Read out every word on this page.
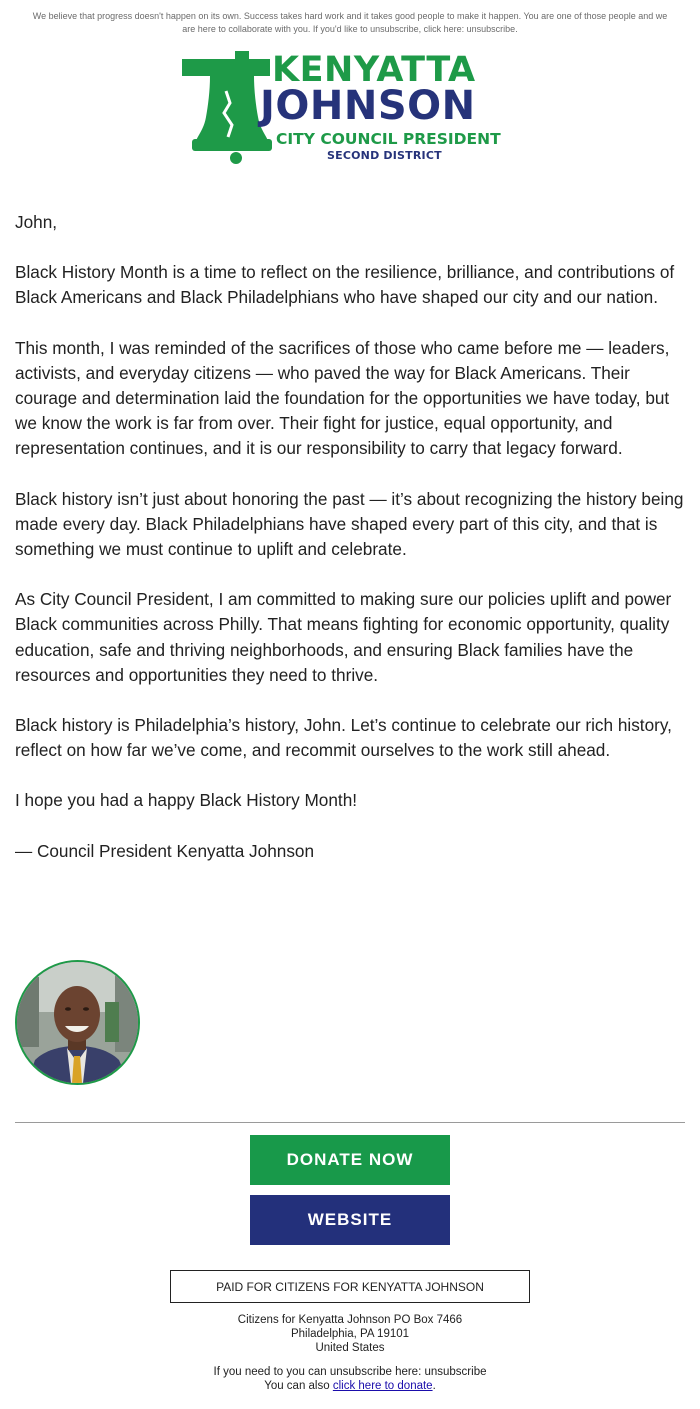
We believe that progress doesn't happen on its own. Success takes hard work and it takes good people to make it happen. You are one of those people and we are here to collaborate with you. If you'd like to unsubscribe, click here: unsubscribe.
KENYATTA
JOHNSON
CITY COUNCIL PRESIDENT
SECOND DISTRICT

John,

Black History Month is a time to reflect on the resilience, brilliance, and contributions of Black Americans and Black Philadelphians who have shaped our city and our nation.

This month, I was reminded of the sacrifices of those who came before me — leaders, activists, and everyday citizens — who paved the way for Black Americans. Their courage and determination laid the foundation for the opportunities we have today, but we know the work is far from over. Their fight for justice, equal opportunity, and representation continues, and it is our responsibility to carry that legacy forward.

Black history isn’t just about honoring the past — it’s about recognizing the history being made every day. Black Philadelphians have shaped every part of this city, and that is something we must continue to uplift and celebrate.

As City Council President, I am committed to making sure our policies uplift and power Black communities across Philly. That means fighting for economic opportunity, quality education, safe and thriving neighborhoods, and ensuring Black families have the resources and opportunities they need to thrive.

Black history is Philadelphia’s history, John. Let’s continue to celebrate our rich history, reflect on how far we’ve come, and recommit ourselves to the work still ahead.

I hope you had a happy Black History Month!

— Council President Kenyatta Johnson

DONATE NOW
WEBSITE
PAID FOR CITIZENS FOR KENYATTA JOHNSON
Citizens for Kenyatta Johnson PO Box 7466
Philadelphia, PA 19101
United States
If you need to you can unsubscribe here: unsubscribe
You can also click here to donate.
